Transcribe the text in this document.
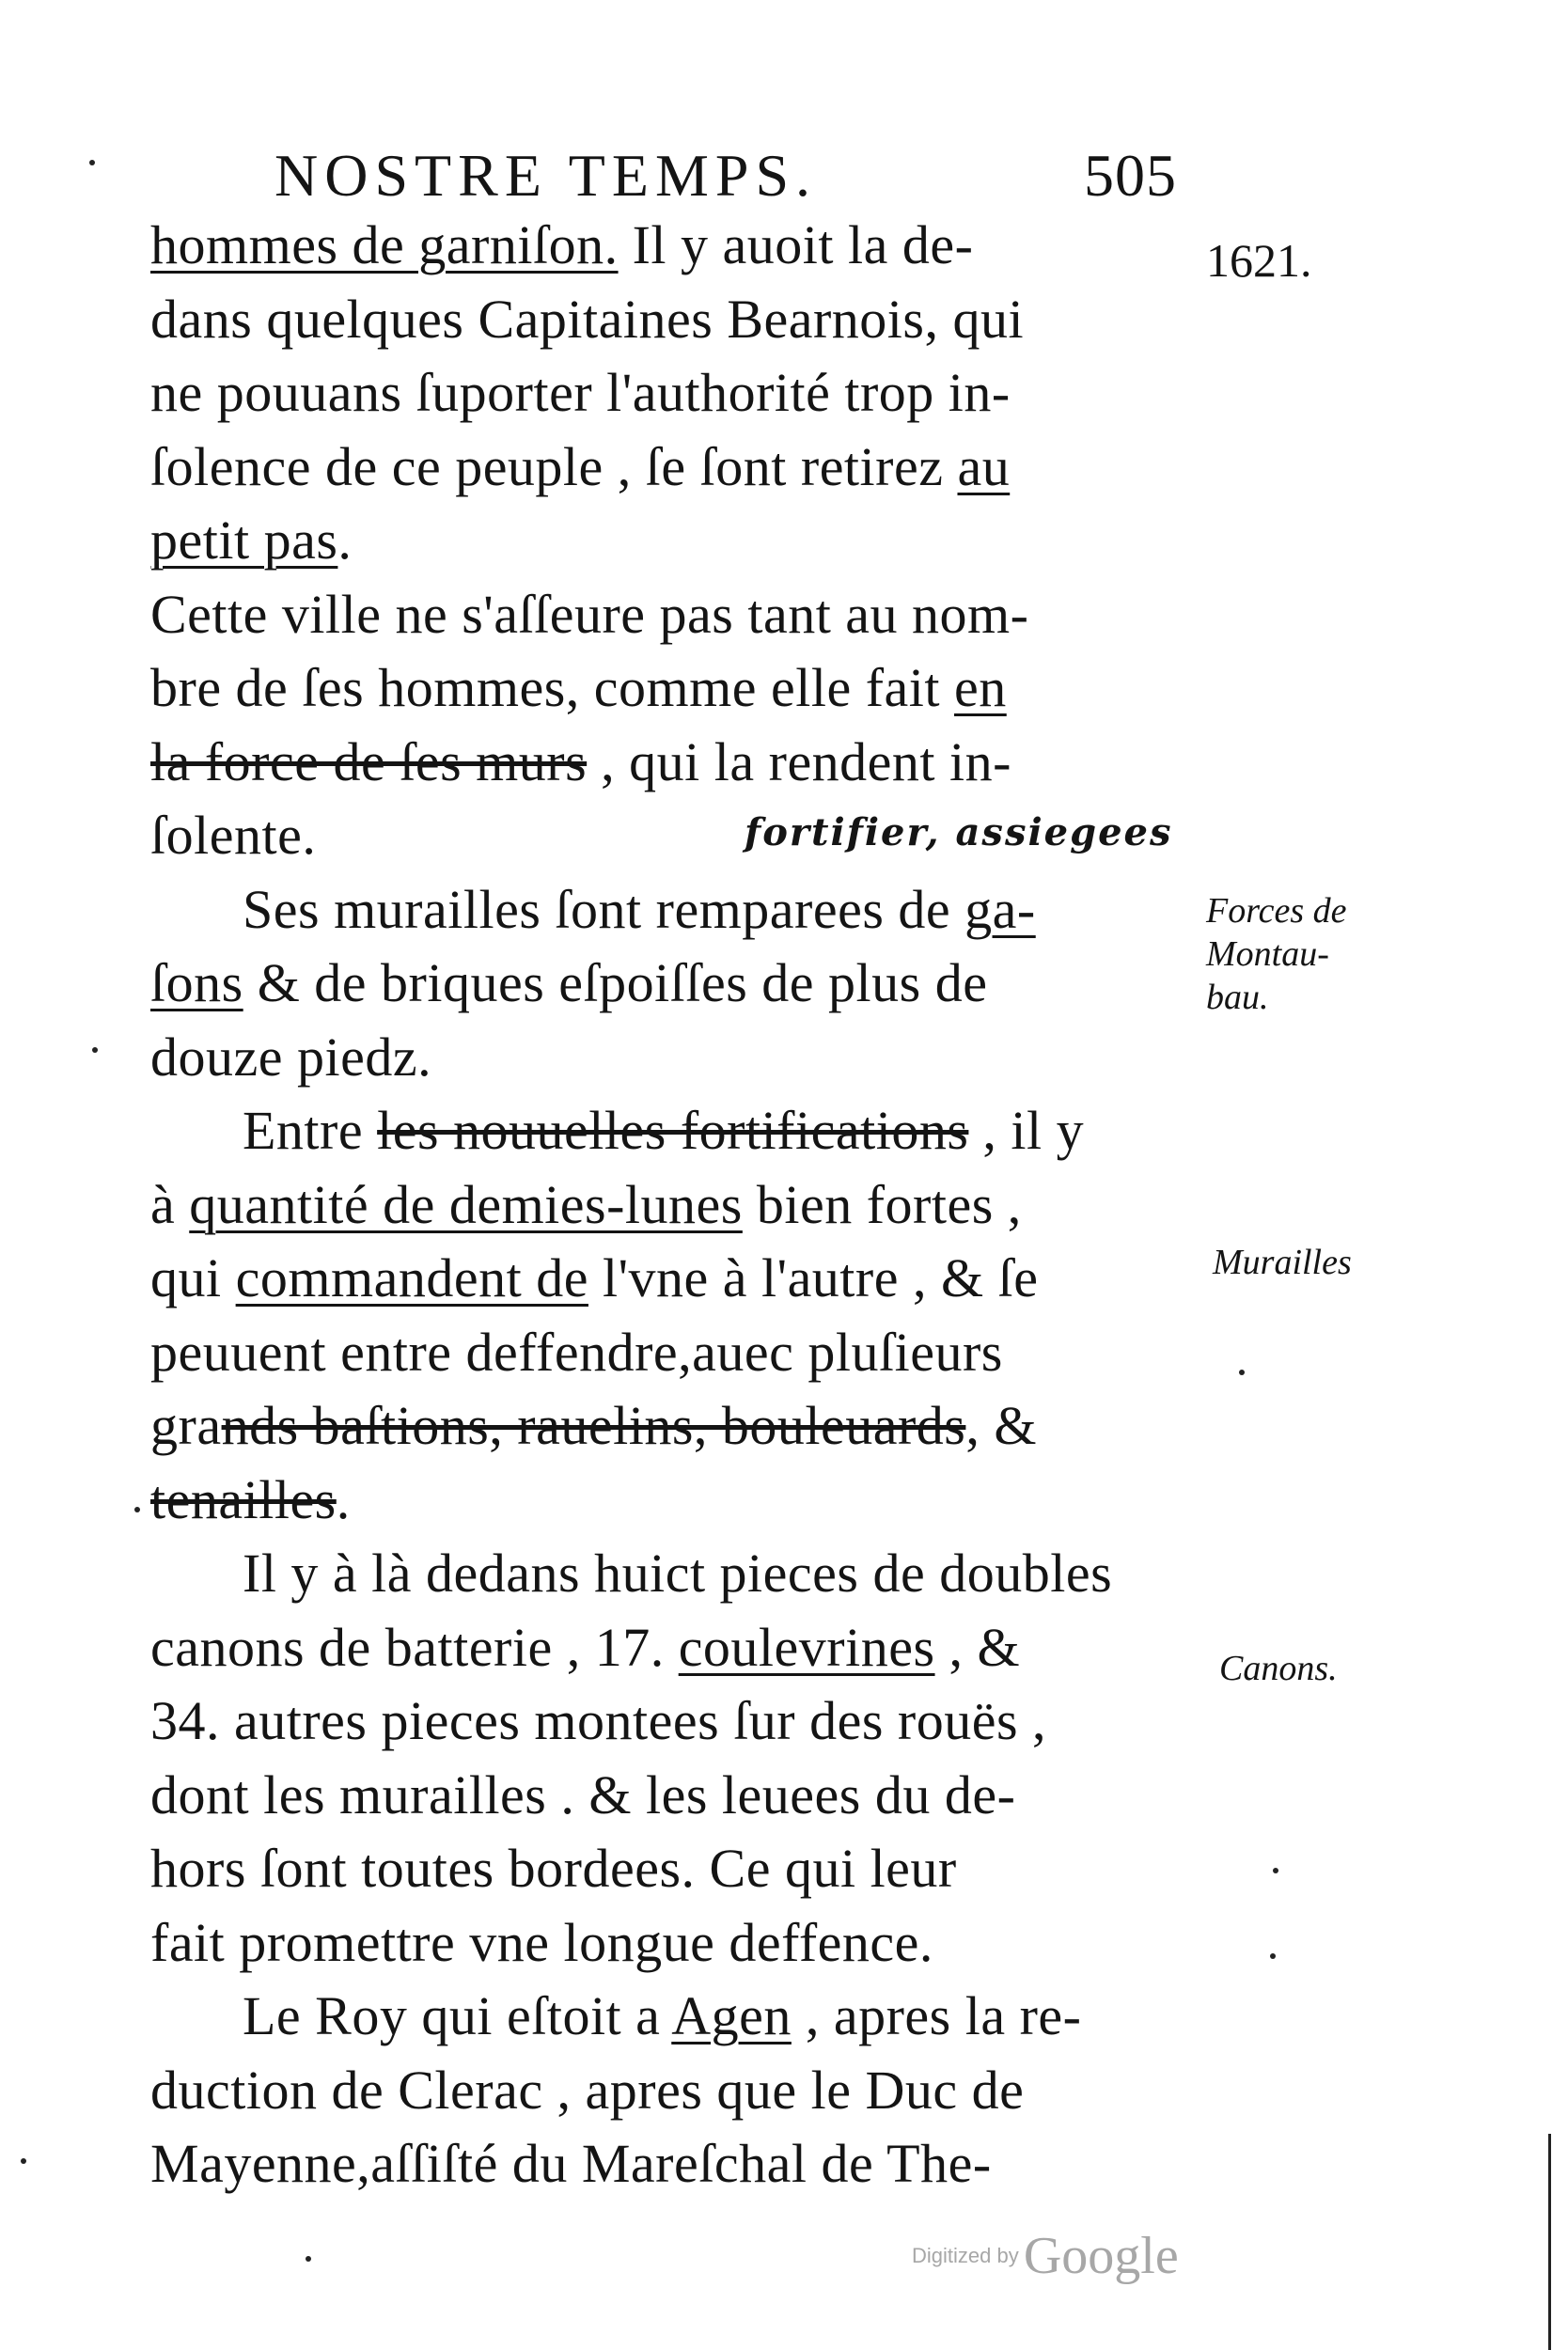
NOSTRE TEMPS.	505
1621.
hommes de garniſon. Il y auoit la de-
dans quelques Capitaines Bearnois, qui
ne pouuans ſuporter l'authorité trop in-
ſolence de ce peuple , ſe ſont retirez au
petit pas.
Cette ville ne s'aſſeure pas tant au nom-
bre de ſes hommes, comme elle fait en
la force de ſes murs , qui la rendent in-
ſolente.
Ses murailles ſont remparees de ga-
ſons & de briques eſpoiſſes de plus de
douze piedz.
Entre les nouuelles fortifications , il y
à quantité de demies-lunes bien fortes ,
qui commandent de l'vne à l'autre , & ſe
peuuent entre deffendre,auec pluſieurs
grands baſtions, rauelins, bouleuards, &
tenailles.
Il y à là dedans huict pieces de doubles
canons de batterie , 17. coulevrines , &
34. autres pieces montees ſur des rouës ,
dont les murailles . & les leuees du de-
hors ſont toutes bordees. Ce qui leur
fait promettre vne longue deffence.
Le Roy qui eſtoit a Agen , apres la re-
duction de Clerac , apres que le Duc de
Mayenne,aſſiſté du Mareſchal de The-
fortifier, assiegees
Forces de
Montau-
bau.
Murailles
Canons.
Digitized by Google
